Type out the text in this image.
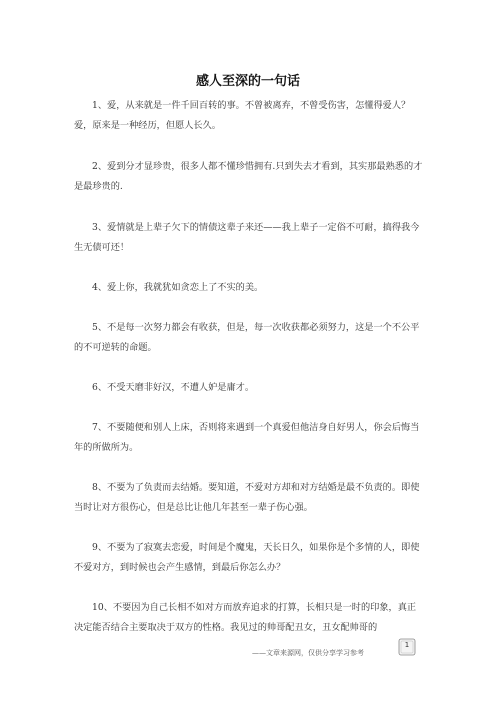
感人至深的一句话

1、爱，从来就是一件千回百转的事。不曾被离弃，不曾受伤害，怎懂得爱人？爱，原来是一种经历，但愿人长久。

2、爱到分才显珍贵，很多人都不懂珍惜拥有.只到失去才看到，其实那最熟悉的才是最珍贵的.

3、爱情就是上辈子欠下的情债这辈子来还——我上辈子一定俗不可耐，搞得我今生无债可还！

4、爱上你，我就犹如贪恋上了不实的美。

5、不是每一次努力都会有收获，但是，每一次收获都必须努力，这是一个不公平的不可逆转的命题。

6、不受天磨非好汉，不遭人妒是庸才。

7、不要随便和别人上床，否则将来遇到一个真爱但他洁身自好男人，你会后悔当年的所做所为。

8、不要为了负责而去结婚。要知道，不爱对方却和对方结婚是最不负责的。即使当时让对方很伤心，但是总比让他几年甚至一辈子伤心强。

9、不要为了寂寞去恋爱，时间是个魔鬼，天长日久，如果你是个多情的人，即使不爱对方，到时候也会产生感情，到最后你怎么办？

10、不要因为自己长相不如对方而放弃追求的打算，长相只是一时的印象，真正决定能否结合主要取决于双方的性格。我见过的帅哥配丑女，丑女配帅哥的

——文章来源网，仅供分享学习参考
1
